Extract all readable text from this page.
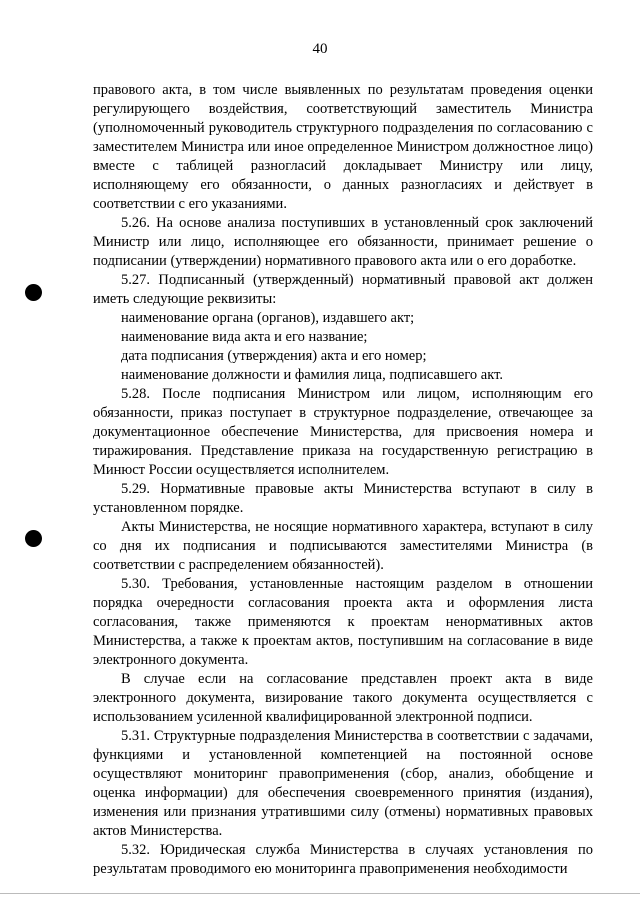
40

правового акта, в том числе выявленных по результатам проведения оценки регулирующего воздействия, соответствующий заместитель Министра (уполномоченный руководитель структурного подразделения по согласованию с заместителем Министра или иное определенное Министром должностное лицо) вместе с таблицей разногласий докладывает Министру или лицу, исполняющему его обязанности, о данных разногласиях и действует в соответствии с его указаниями.

5.26. На основе анализа поступивших в установленный срок заключений Министр или лицо, исполняющее его обязанности, принимает решение о подписании (утверждении) нормативного правового акта или о его доработке.

5.27. Подписанный (утвержденный) нормативный правовой акт должен иметь следующие реквизиты:

наименование органа (органов), издавшего акт;

наименование вида акта и его название;

дата подписания (утверждения) акта и его номер;

наименование должности и фамилия лица, подписавшего акт.

5.28. После подписания Министром или лицом, исполняющим его обязанности, приказ поступает в структурное подразделение, отвечающее за документационное обеспечение Министерства, для присвоения номера и тиражирования. Представление приказа на государственную регистрацию в Минюст России осуществляется исполнителем.

5.29. Нормативные правовые акты Министерства вступают в силу в установленном порядке.

Акты Министерства, не носящие нормативного характера, вступают в силу со дня их подписания и подписываются заместителями Министра (в соответствии с распределением обязанностей).

5.30. Требования, установленные настоящим разделом в отношении порядка очередности согласования проекта акта и оформления листа согласования, также применяются к проектам ненормативных актов Министерства, а также к проектам актов, поступившим на согласование в виде электронного документа.

В случае если на согласование представлен проект акта в виде электронного документа, визирование такого документа осуществляется с использованием усиленной квалифицированной электронной подписи.

5.31. Структурные подразделения Министерства в соответствии с задачами, функциями и установленной компетенцией на постоянной основе осуществляют мониторинг правоприменения (сбор, анализ, обобщение и оценка информации) для обеспечения своевременного принятия (издания), изменения или признания утратившими силу (отмены) нормативных правовых актов Министерства.

5.32. Юридическая служба Министерства в случаях установления по результатам проводимого ею мониторинга правоприменения необходимости
